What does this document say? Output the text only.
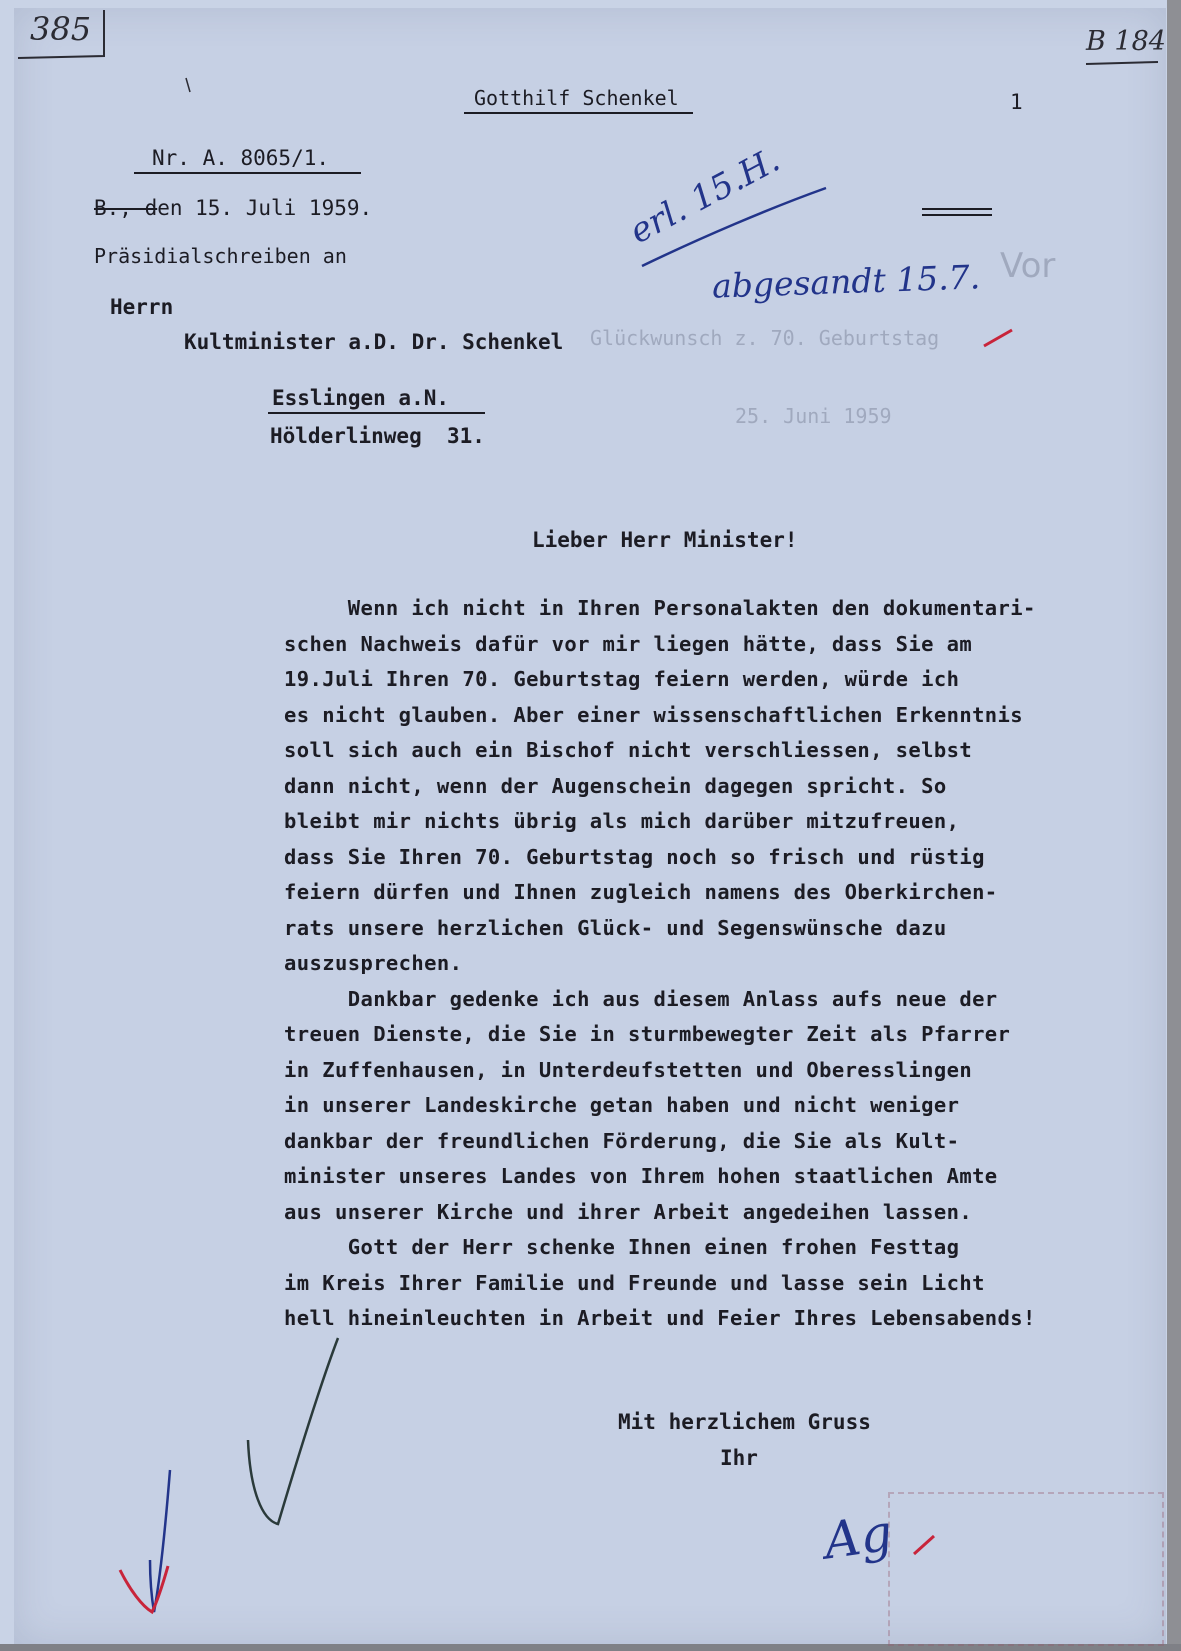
Glückwunsch z. 70. Geburtstag
25. Juni 1959
Vor
385	B 184
Gotthilf Schenkel	1
Nr. A. 8065/1.
B., den 15. Juli 1959.
Präsidialschreiben an
Herrn
Kultminister a.D. Dr. Schenkel
Esslingen a.N.
Hölderlinweg  31.
erl. 15.H.
abgesandt 15.7.
Lieber Herr Minister!
Wenn ich nicht in Ihren Personalakten den dokumentari-
schen Nachweis dafür vor mir liegen hätte, dass Sie am
19.Juli Ihren 70. Geburtstag feiern werden, würde ich
es nicht glauben. Aber einer wissenschaftlichen Erkenntnis
soll sich auch ein Bischof nicht verschliessen, selbst
dann nicht, wenn der Augenschein dagegen spricht. So
bleibt mir nichts übrig als mich darüber mitzufreuen,
dass Sie Ihren 70. Geburtstag noch so frisch und rüstig
feiern dürfen und Ihnen zugleich namens des Oberkirchen-
rats unsere herzlichen Glück- und Segenswünsche dazu
auszusprechen.
Dankbar gedenke ich aus diesem Anlass aufs neue der
treuen Dienste, die Sie in sturmbewegter Zeit als Pfarrer
in Zuffenhausen, in Unterdeufstetten und Oberesslingen
in unserer Landeskirche getan haben und nicht weniger
dankbar der freundlichen Förderung, die Sie als Kult-
minister unseres Landes von Ihrem hohen staatlichen Amte
aus unserer Kirche und ihrer Arbeit angedeihen lassen.
Gott der Herr schenke Ihnen einen frohen Festtag
im Kreis Ihrer Familie und Freunde und lasse sein Licht
hell hineinleuchten in Arbeit und Feier Ihres Lebensabends!
Mit herzlichem Gruss
Ihr
Ag
